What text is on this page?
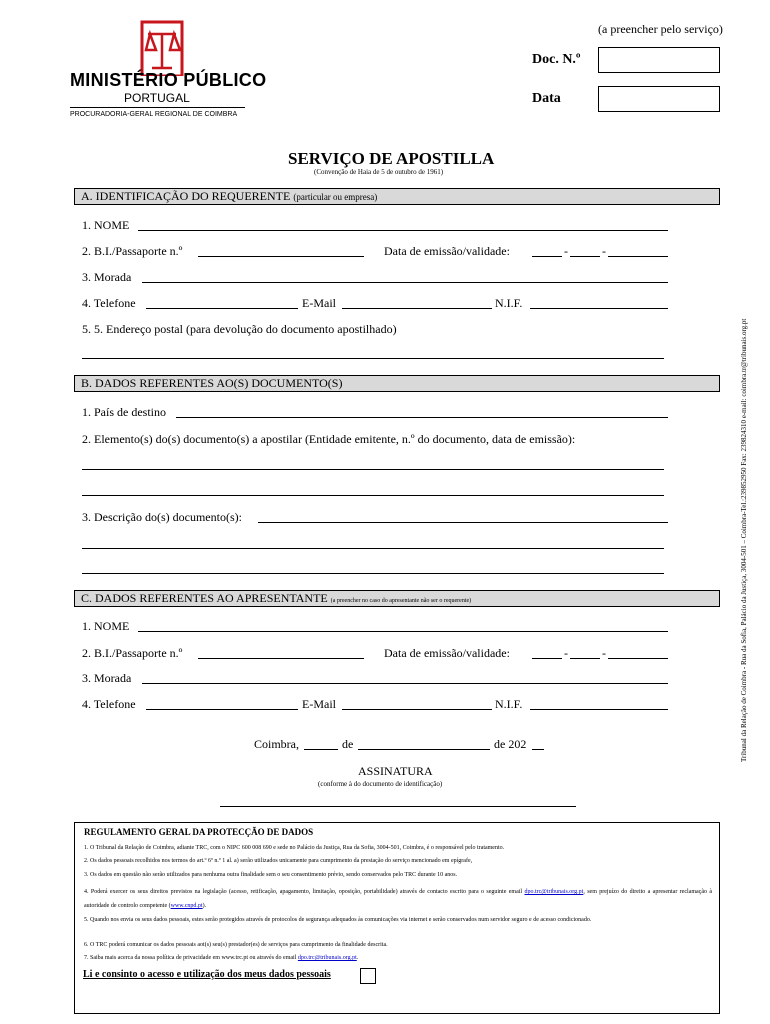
(a preencher pelo serviço)
MINISTÉRIO PÚBLICO
PORTUGAL
PROCURADORIA-GERAL REGIONAL DE COIMBRA
Doc. N.º
Data
SERVIÇO DE APOSTILLA
(Convenção de Haia de 5 de outubro de 1961)
A. IDENTIFICAÇÃO DO REQUERENTE (particular ou empresa)
1. NOME
2. B.I./Passaporte n.º	Data de emissão/validade:	-	-
3. Morada
4. Telefone	E-Mail	N.I.F.
5. 5. Endereço postal (para devolução do documento apostilhado)
B. DADOS REFERENTES AO(S) DOCUMENTO(S)
1. País de destino
2. Elemento(s) do(s) documento(s) a apostilar (Entidade emitente, n.º do documento, data de emissão):
3. Descrição do(s) documento(s):
C. DADOS REFERENTES AO APRESENTANTE (a preencher no caso do apresentante não ser o requerente)
1. NOME
2. B.I./Passaporte n.º	Data de emissão/validade:	-	-
3. Morada
4. Telefone	E-Mail	N.I.F.
Coimbra,	de	de 202
ASSINATURA
(conforme à do documento de identificação)

REGULAMENTO GERAL DA PROTECÇÃO DE DADOS

1. O Tribunal da Relação de Coimbra, adiante TRC, com o NIPC 600 008 690 e sede no Palácio da Justiça, Rua da Sofia, 3004-501, Coimbra, é o responsável pelo tratamento.

2. Os dados pessoais recolhidos nos termos do art.º 6º n.º 1 al. a) serão utilizados unicamente para cumprimento da prestação do serviço mencionado em epígrafe,

3. Os dados em questão não serão utilizados para nenhuma outra finalidade sem o seu consentimento prévio, sendo conservados pelo TRC durante 10 anos.

4. Poderá exercer os seus direitos previstos na legislação (acesso, retificação, apagamento, limitação, oposição, portabilidade) através de contacto escrito para o seguinte email dpo.trc@tribunais.org.pt, sem prejuízo do direito a apresentar reclamação à autoridade de controlo competente (www.cnpd.pt).

5. Quando nos envia os seus dados pessoais, estes serão protegidos através de protocolos de segurança adequados às comunicações via internet e serão conservados num servidor seguro e de acesso condicionado.

6. O TRC poderá comunicar os dados pessoais aot(s) seu(s) prestador(es) de serviços para cumprimento da finalidade descrita.

7. Saiba mais acerca da nossa política de privacidade em www.trc.pt ou através do email dpo.trc@tribunais.org.pt.

Li e consinto o acesso e utilização dos meus dados pessoais
Tribunal da Relação de Coimbra - Rua da Sofia, Palácio da Justiça, 3004-501 – Coimbra-Tel.:239852950 Fax: 239824310 e-mail: coimbra.tr@tribunais.org.pt
